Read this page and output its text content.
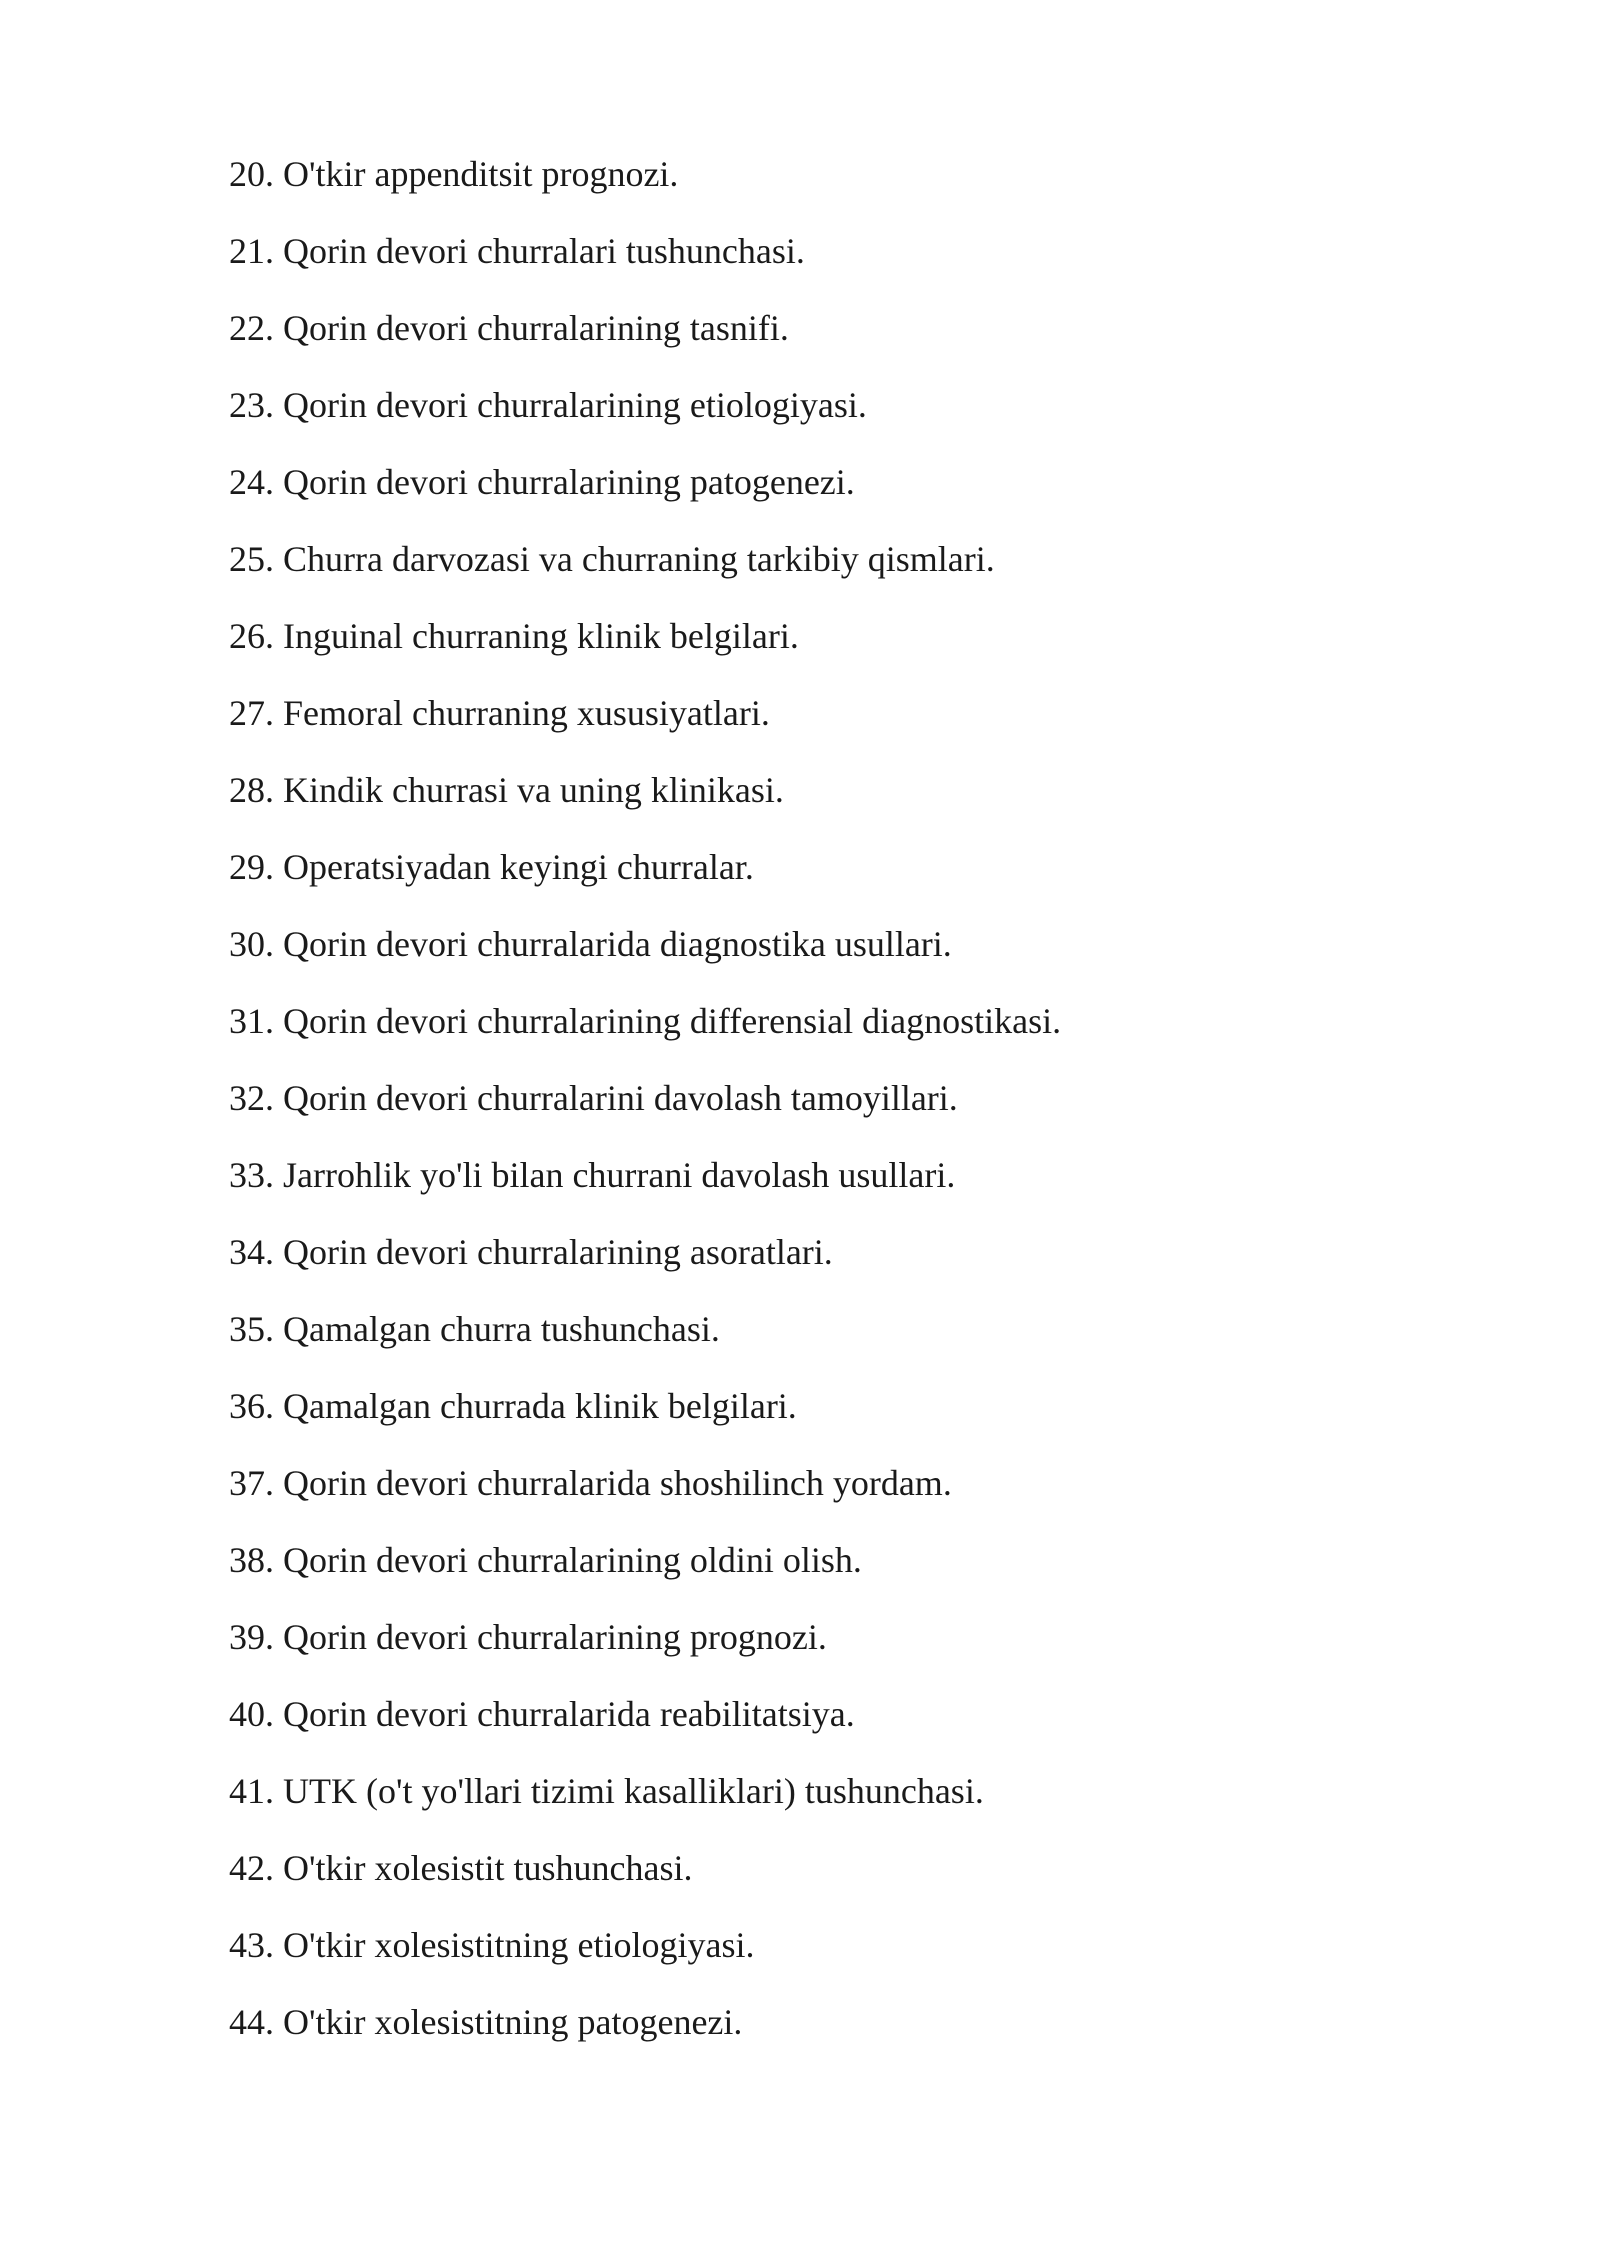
20. O'tkir appenditsit prognozi.
21. Qorin devori churralari tushunchasi.
22. Qorin devori churralarining tasnifi.
23. Qorin devori churralarining etiologiyasi.
24. Qorin devori churralarining patogenezi.
25. Churra darvozasi va churraning tarkibiy qismlari.
26. Inguinal churraning klinik belgilari.
27. Femoral churraning xususiyatlari.
28. Kindik churrasi va uning klinikasi.
29. Operatsiyadan keyingi churralar.
30. Qorin devori churralarida diagnostika usullari.
31. Qorin devori churralarining differensial diagnostikasi.
32. Qorin devori churralarini davolash tamoyillari.
33. Jarrohlik yo'li bilan churrani davolash usullari.
34. Qorin devori churralarining asoratlari.
35. Qamalgan churra tushunchasi.
36. Qamalgan churrada klinik belgilari.
37. Qorin devori churralarida shoshilinch yordam.
38. Qorin devori churralarining oldini olish.
39. Qorin devori churralarining prognozi.
40. Qorin devori churralarida reabilitatsiya.
41. UTK (o't yo'llari tizimi kasalliklari) tushunchasi.
42. O'tkir xolesistit tushunchasi.
43. O'tkir xolesistitning etiologiyasi.
44. O'tkir xolesistitning patogenezi.
